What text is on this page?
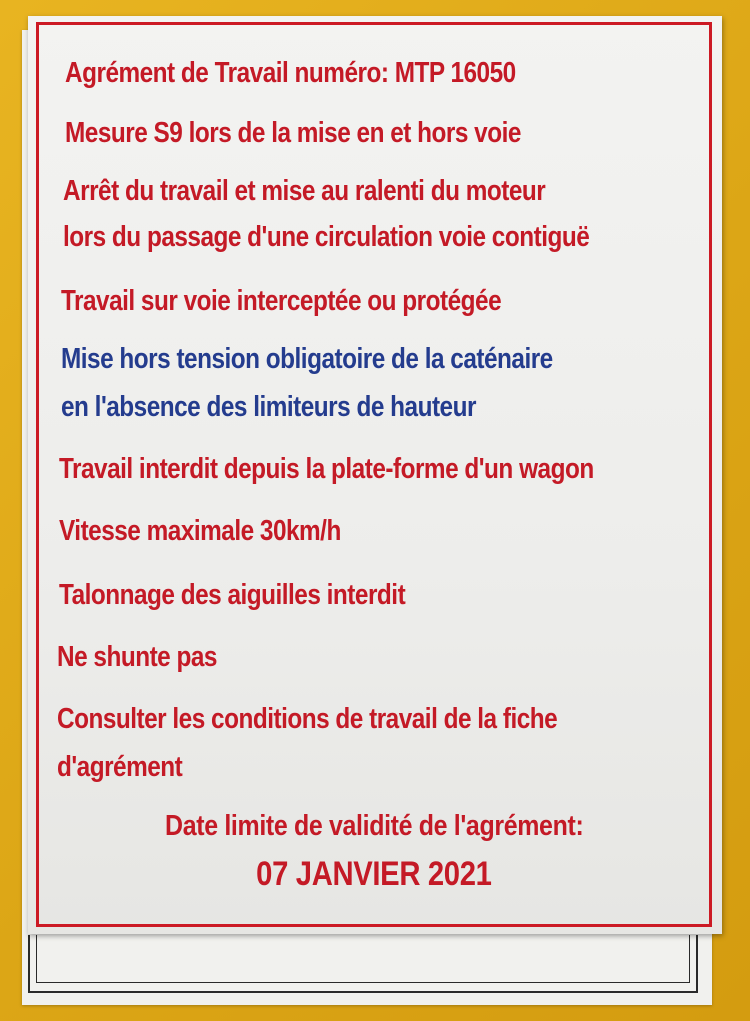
Agrément de Travail numéro: MTP 16050
Mesure S9 lors de la mise en et hors voie
Arrêt du travail et mise au ralenti du moteur
lors du passage d'une circulation voie contiguë
Travail sur voie interceptée ou protégée
Mise hors tension obligatoire de la caténaire
en l'absence des limiteurs de hauteur
Travail interdit depuis la plate-forme d'un wagon
Vitesse maximale 30km/h
Talonnage des aiguilles interdit
Ne shunte pas
Consulter les conditions de travail de la fiche
d'agrément
Date limite de validité de l'agrément:
07 JANVIER 2021
